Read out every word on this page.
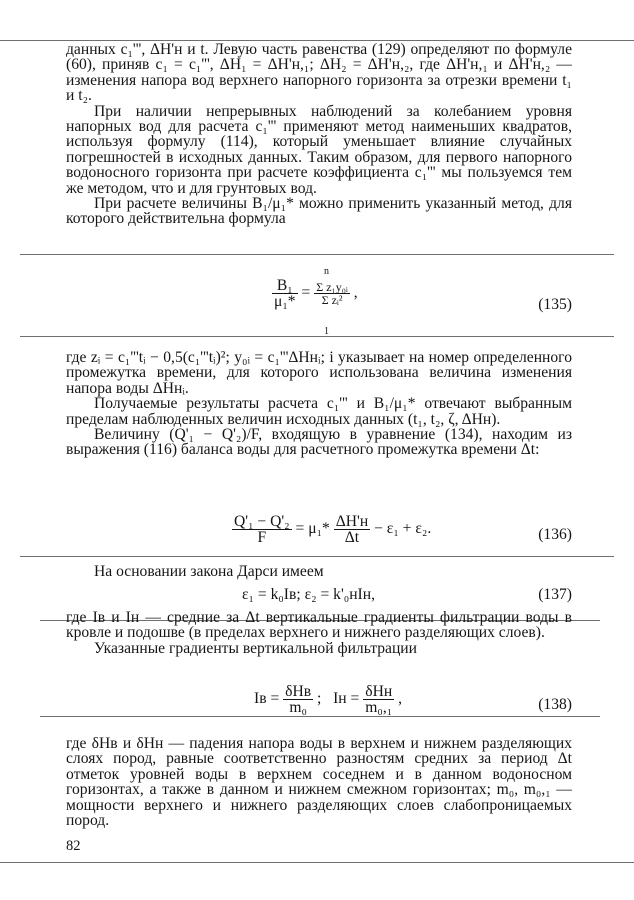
данных c₁''', ΔH'н и t. Левую часть равенства (129) определяют по формуле (60), приняв c₁ = c₁''', ΔH₁ = ΔH'н,₁; ΔH₂ = ΔH'н,₂, где ΔH'н,₁ и ΔH'н,₂ — изменения напора вод верхнего напорного горизонта за отрезки времени t₁ и t₂.

При наличии непрерывных наблюдений за колебанием уровня напорных вод для расчета c₁''' применяют метод наименьших квадратов, используя формулу (114), который уменьшает влияние случайных погрешностей в исходных данных. Таким образом, для первого напорного водоносного горизонта при расчете коэффициента c₁''' мы пользуемся тем же методом, что и для грунтовых вод.

При расчете величины B₁/μ₁* можно применить указанный метод, для которого действительна формула

$\frac{\text{B₁}}{\text{μ₁*}} = \frac{\text{Σ z₁y₀ᵢ}}{\text{Σ zᵢ²}}$ ,
n
1
(135)

где zᵢ = c₁'''tᵢ − 0,5(c₁'''tᵢ)²; y₀ᵢ = c₁'''ΔHнᵢ; i указывает на номер определенного промежутка времени, для которого использована величина изменения напора воды ΔHнᵢ.

Получаемые результаты расчета c₁''' и B₁/μ₁* отвечают выбранным пределам наблюденных величин исходных данных (t₁, t₂, ζ, ΔHн).

Величину (Q'₁ − Q'₂)/F, входящую в уравнение (134), находим из выражения (116) баланса воды для расчетного промежутка времени Δt:

$\frac{\text{Q'₁ − Q'₂}}{F} = \mu_1* \frac{\Delta H'н}{\Delta t} - \varepsilon_1 + \varepsilon_2$.	(136)

На основании закона Дарси имеем

ε₁ = k₀Iв; ε₂ = k'₀нIн,	(137)

где Iв и Iн — средние за Δt вертикальные градиенты фильтрации воды в кровле и подошве (в пределах верхнего и нижнего разделяющих слоев).

Указанные градиенты вертикальной фильтрации

Iв = $\frac{\text{δHв}}{\text{m₀}}$ ;   Iн = $\frac{\text{δHн}}{\text{m₀,₁}}$ ,	(138)

где δHв и δHн — падения напора воды в верхнем и нижнем разделяющих слоях пород, равные соответственно разностям средних за период Δt отметок уровней воды в верхнем соседнем и в данном водоносном горизонтах, а также в данном и нижнем смежном горизонтах; m₀, m₀,₁ — мощности верхнего и нижнего разделяющих слоев слабопроницаемых пород.

82
